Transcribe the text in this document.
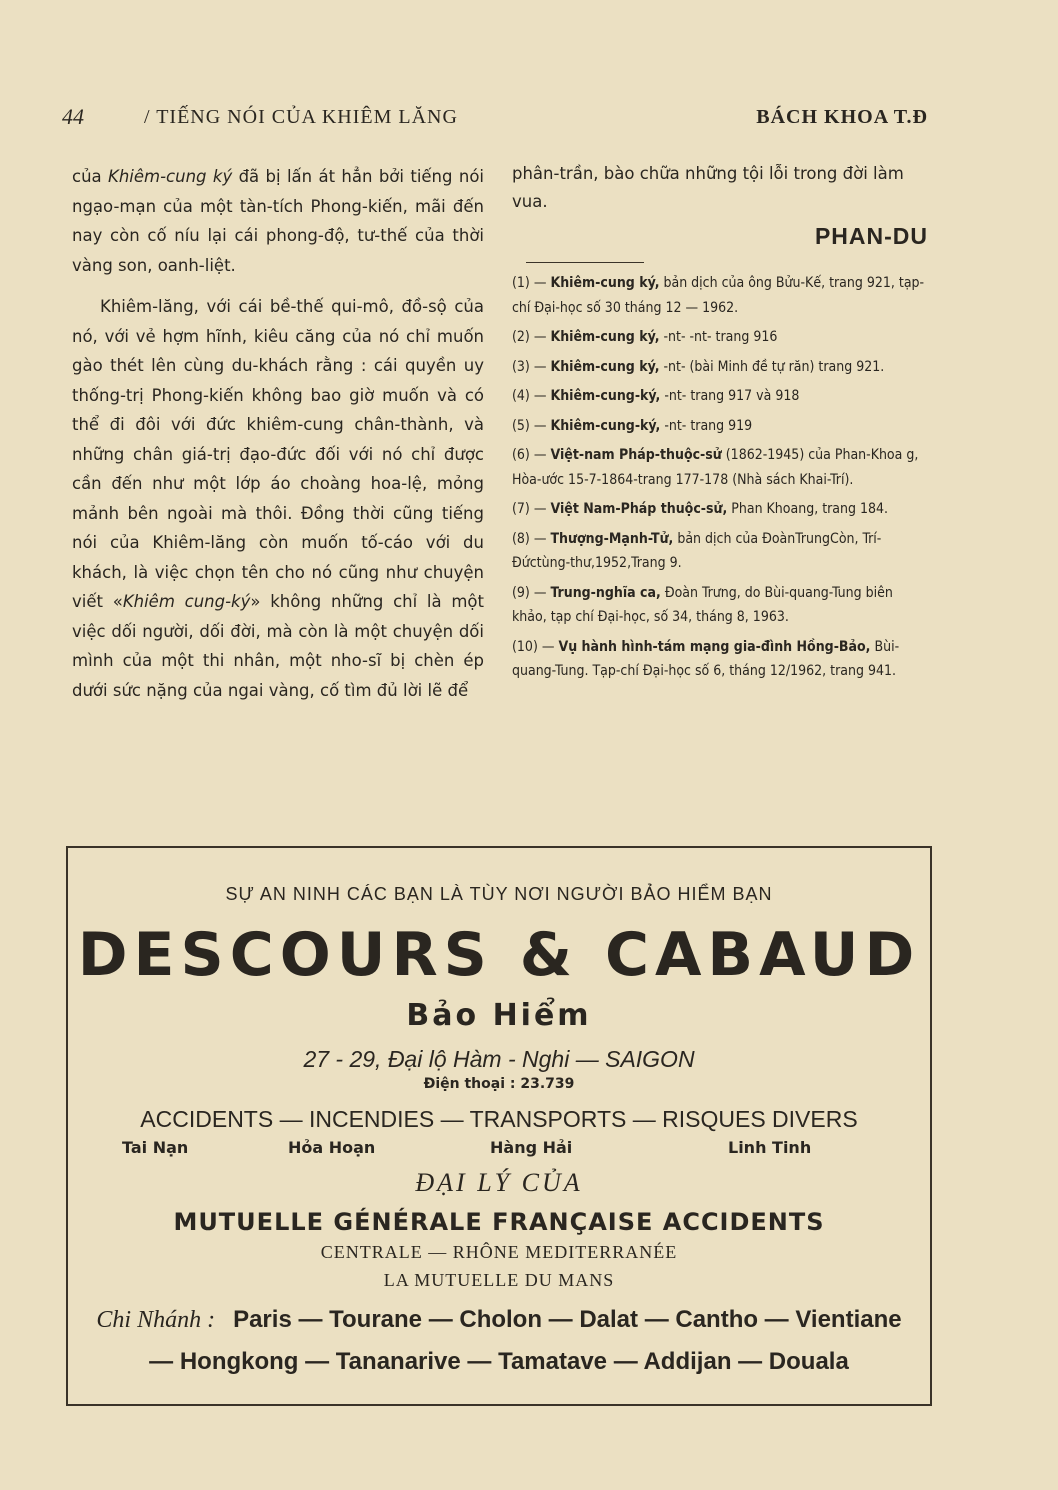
44	/ TIẾNG NÓI CỦA KHIÊM LĂNG	BÁCH KHOA T.Đ

của Khiêm-cung ký đã bị lấn át hẳn bởi tiếng nói ngạo-mạn của một tàn-tích Phong-kiến, mãi đến nay còn cố níu lại cái phong-độ, tư-thế của thời vàng son, oanh-liệt.

Khiêm-lăng, với cái bề-thế qui-mô, đồ-sộ của nó, với vẻ hợm hĩnh, kiêu căng của nó chỉ muốn gào thét lên cùng du-khách rằng : cái quyền uy thống-trị Phong-kiến không bao giờ muốn và có thể đi đôi với đức khiêm-cung chân-thành, và những chân giá-trị đạo-đức đối với nó chỉ được cần đến như một lớp áo choàng hoa-lệ, mỏng mảnh bên ngoài mà thôi. Đồng thời cũng tiếng nói của Khiêm-lăng còn muốn tố-cáo với du khách, là việc chọn tên cho nó cũng như chuyện viết «Khiêm cung-ký» không những chỉ là một việc dối người, dối đời, mà còn là một chuyện dối mình của một thi nhân, một nho-sĩ bị chèn ép dưới sức nặng của ngai vàng, cố tìm đủ lời lẽ để

phân-trần, bào chữa những tội lỗi trong đời làm vua.

PHAN-DU

(1) — Khiêm-cung ký, bản dịch của ông Bửu-Kế, trang 921, tạp-chí Đại-học số 30 tháng 12 — 1962.

(2) — Khiêm-cung ký, -nt- -nt- trang 916

(3) — Khiêm-cung ký, -nt- (bài Minh đề tự răn) trang 921.

(4) — Khiêm-cung-ký, -nt- trang 917 và 918

(5) — Khiêm-cung-ký, -nt- trang 919

(6) — Việt-nam Pháp-thuộc-sử (1862-1945) của Phan-Khoa g, Hòa-ước 15-7-1864-trang 177-178 (Nhà sách Khai-Trí).

(7) — Việt Nam-Pháp thuộc-sử, Phan Khoang, trang 184.

(8) — Thượng-Mạnh-Tử, bản dịch của ĐoànTrungCòn, Trí-Đứctùng-thư,1952,Trang 9.

(9) — Trung-nghĩa ca, Đoàn Trưng, do Bùi-quang-Tung biên khảo, tạp chí Đại-học, số 34, tháng 8, 1963.

(10) — Vụ hành hình-tám mạng gia-đình Hồng-Bảo, Bùi-quang-Tung. Tạp-chí Đại-học số 6, tháng 12/1962, trang 941.

SỰ AN NINH CÁC BẠN LÀ TÙY NƠI NGƯỜI BẢO HIỂM BẠN
DESCOURS & CABAUD
Bảo Hiểm
27 - 29, Đại lộ Hàm - Nghi — SAIGON
Điện thoại : 23.739
ACCIDENTS — INCENDIES — TRANSPORTS — RISQUES DIVERS
Tai Nạn	Hỏa Hoạn	Hàng Hải	Linh Tinh
ĐẠI LÝ CỦA
MUTUELLE GÉNÉRALE FRANÇAISE ACCIDENTS
CENTRALE — RHÔNE MEDITERRANÉE
LA MUTUELLE DU MANS
Chi Nhánh : Paris — Tourane — Cholon — Dalat — Cantho — Vientiane
— Hongkong — Tananarive — Tamatave — Addijan — Douala
